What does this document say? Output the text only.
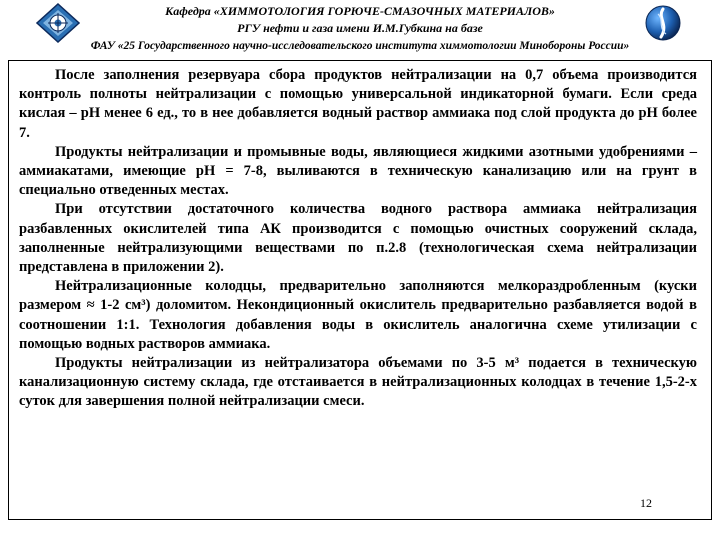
Кафедра «ХИММОТОЛОГИЯ ГОРЮЧЕ-СМАЗОЧНЫХ МАТЕРИАЛОВ»
РГУ нефти и газа имени И.М.Губкина на базе
ФАУ «25 Государственного научно-исследовательского института химмотологии Минобороны России»

После заполнения резервуара сбора продуктов нейтрализации на 0,7 объема производится контроль полноты нейтрализации с помощью универсальной индикаторной бумаги. Если среда кислая – рН менее 6 ед., то в нее добавляется водный раствор аммиака под слой продукта до рН более 7.

Продукты нейтрализации и промывные воды, являющиеся жидкими азотными удобрениями – аммиакатами, имеющие рН = 7-8, выливаются в техническую канализацию или на грунт в специально отведенных местах.

При отсутствии достаточного количества водного раствора аммиака нейтрализация разбавленных окислителей типа АК производится с помощью очистных сооружений склада, заполненные нейтрализующими веществами по п.2.8 (технологическая схема нейтрализации представлена в приложении 2).

Нейтрализационные колодцы, предварительно заполняются мелкораздробленным (куски размером ≈ 1-2 см³) доломитом. Некондиционный окислитель предварительно разбавляется водой в соотношении 1:1. Технология добавления воды в окислитель аналогична схеме утилизации с помощью водных растворов аммиака.

Продукты нейтрализации из нейтрализатора объемами по 3-5 м³ подается в техническую канализационную систему склада, где отстаивается в нейтрализационных колодцах в течение 1,5-2-х суток для завершения полной нейтрализации смеси.

12
